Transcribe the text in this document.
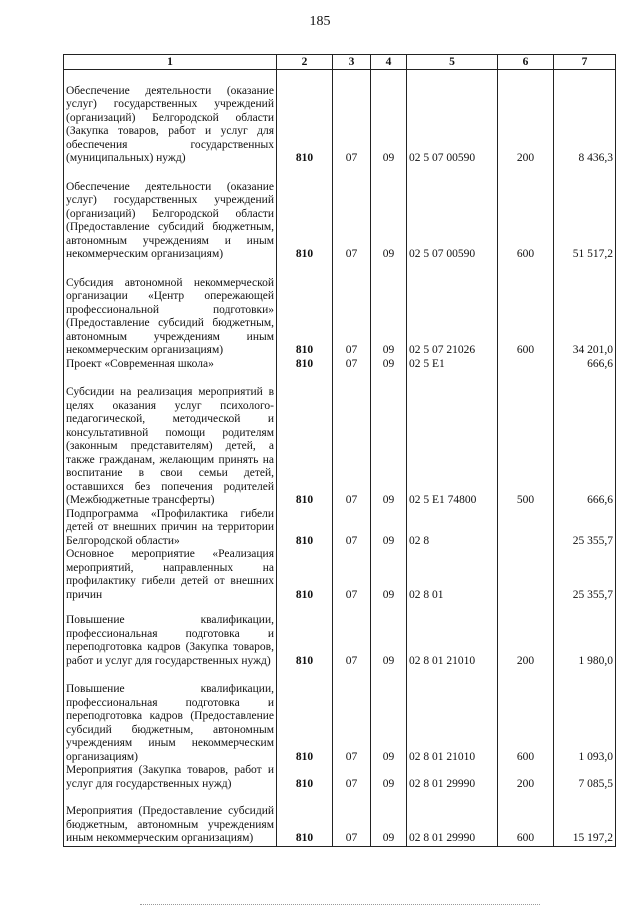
185
1	2	3	4	5	6	7
Обеспечение деятельности (оказание услуг) государственных учреждений (организаций) Белгородской области (Закупка товаров, работ и услуг для обеспечения государственных (муниципальных) нужд)	810	07	09	02 5 07 00590	200	8 436,3
Обеспечение деятельности (оказание услуг) государственных учреждений (организаций) Белгородской области (Предоставление субсидий бюджетным, автономным учреждениям и иным некоммерческим организациям)	810	07	09	02 5 07 00590	600	51 517,2
Субсидия автономной некоммерческой организации «Центр опережающей профессиональной подготовки» (Предоставление субсидий бюджетным, автономным учреждениям иным некоммерческим организациям)	810	07	09	02 5 07 21026	600	34 201,0
Проект «Современная школа»	810	07	09	02 5 E1		666,6
Субсидии на реализация мероприятий в целях оказания услуг психолого-педагогической, методической и консультативной помощи родителям (законным представителям) детей, а также гражданам, желающим принять на воспитание в свои семьи детей, оставшихся без попечения родителей (Межбюджетные трансферты)	810	07	09	02 5 E1 74800	500	666,6
Подпрограмма «Профилактика гибели детей от внешних причин на территории Белгородской области»	810	07	09	02 8		25 355,7
Основное мероприятие «Реализация мероприятий, направленных на профилактику гибели детей от внешних причин	810	07	09	02 8 01		25 355,7
Повышение квалификации, профессиональная подготовка и переподготовка кадров (Закупка товаров, работ и услуг для государственных нужд)	810	07	09	02 8 01 21010	200	1 980,0
Повышение квалификации, профессиональная подготовка и переподготовка кадров (Предоставление субсидий бюджетным, автономным учреждениям иным некоммерческим организациям)	810	07	09	02 8 01 21010	600	1 093,0
Мероприятия (Закупка товаров, работ и услуг для государственных нужд)	810	07	09	02 8 01 29990	200	7 085,5
Мероприятия (Предоставление субсидий бюджетным, автономным учреждениям иным некоммерческим организациям)	810	07	09	02 8 01 29990	600	15 197,2
